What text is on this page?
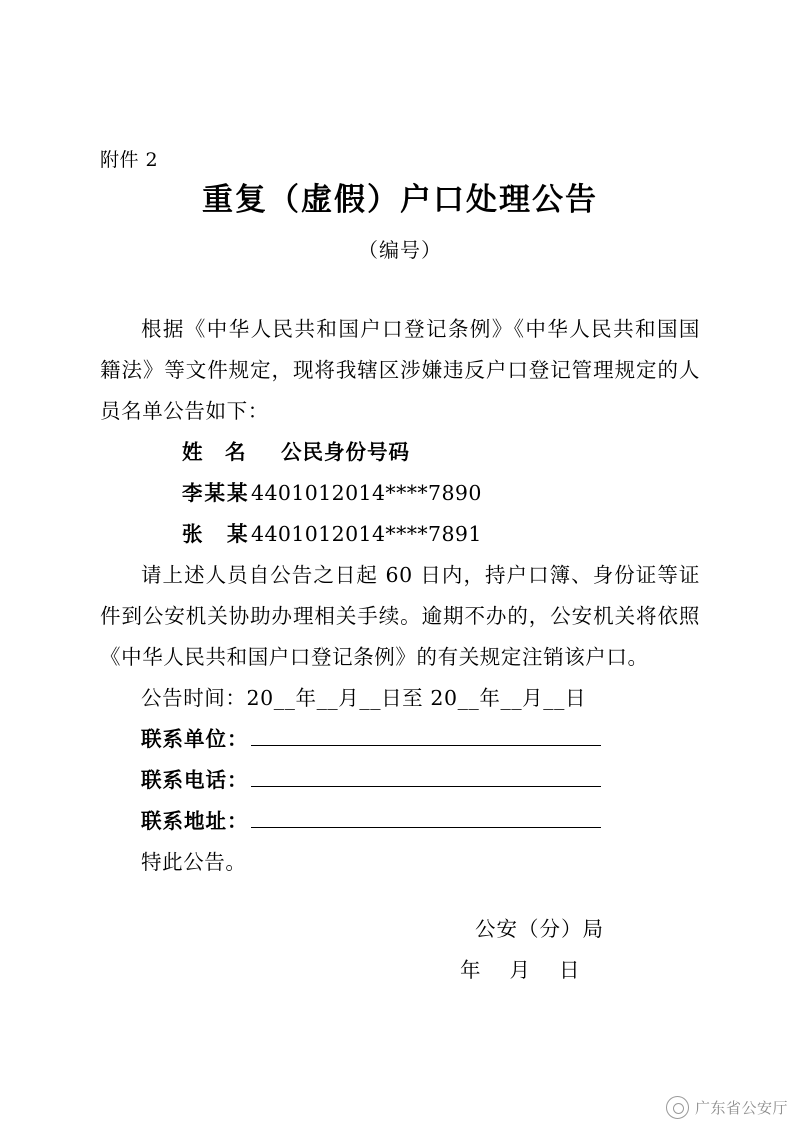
附件 2
重复（虚假）户口处理公告
（编号）

根据《中华人民共和国户口登记条例》《中华人民共和国国籍法》等文件规定，现将我辖区涉嫌违反户口登记管理规定的人员名单公告如下：

姓　名 公民身份号码

李某某4401012014****7890

张　某4401012014****7891

请上述人员自公告之日起 60 日内，持户口簿、身份证等证件到公安机关协助办理相关手续。逾期不办的，公安机关将依照《中华人民共和国户口登记条例》的有关规定注销该户口。

公告时间：20__年__月__日至 20__年__月__日

联系单位：

联系电话：

联系地址：

特此公告。

公安（分）局
年 月 日
广东省公安厅
